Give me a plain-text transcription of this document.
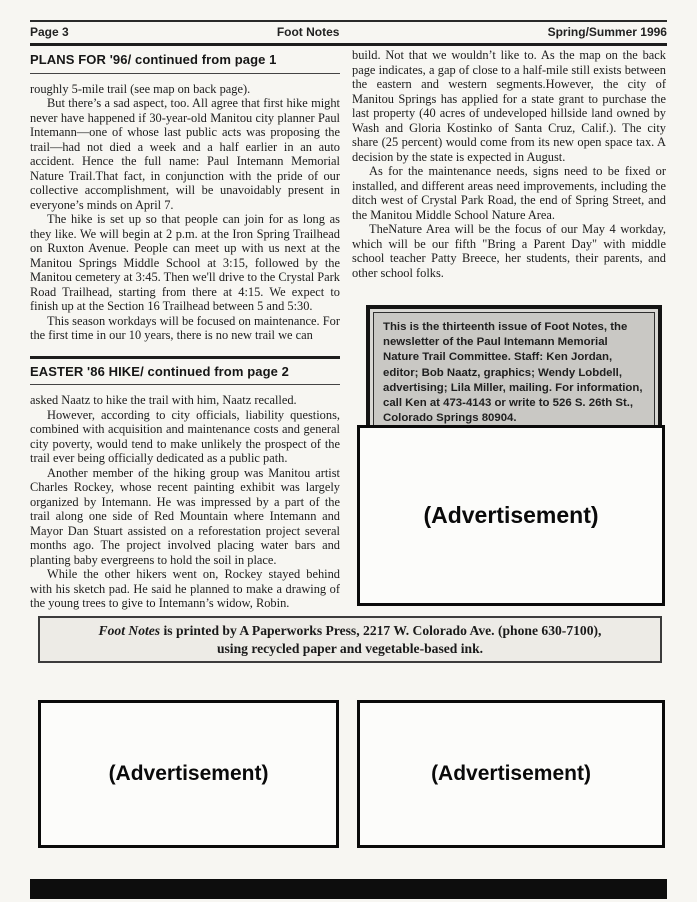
Page 3	Foot Notes	Spring/Summer 1996
PLANS FOR '96/ continued from page 1

roughly 5-mile trail (see map on back page).

But there’s a sad aspect, too. All agree that first hike might never have happened if 30-year-old Manitou city planner Paul Intemann—one of whose last public acts was proposing the trail—had not died a week and a half earlier in an auto accident. Hence the full name: Paul Intemann Memorial Nature Trail.That fact, in conjunction with the pride of our collective accomplishment, will be unavoidably present in everyone’s minds on April 7.

The hike is set up so that people can join for as long as they like. We will begin at 2 p.m. at the Iron Spring Trailhead on Ruxton Avenue. People can meet up with us next at the Manitou Springs Middle School at 3:15, followed by the Manitou cemetery at 3:45. Then we'll drive to the Crystal Park Road Trailhead, starting from there at 4:15. We expect to finish up at the Section 16 Trailhead between 5 and 5:30.

This season workdays will be focused on maintenance. For the first time in our 10 years, there is no new trail we can

EASTER '86 HIKE/ continued from page 2

asked Naatz to hike the trail with him, Naatz recalled.

However, according to city officials, liability questions, combined with acquisition and maintenance costs and general city poverty, would tend to make unlikely the prospect of the trail ever being officially dedicated as a public path.

Another member of the hiking group was Manitou artist Charles Rockey, whose recent painting exhibit was largely organized by Intemann. He was impressed by a part of the trail along one side of Red Mountain where Intemann and Mayor Dan Stuart assisted on a reforestation project several months ago. The project involved placing water bars and planting baby evergreens to hold the soil in place.

While the other hikers went on, Rockey stayed behind with his sketch pad. He said he planned to make a drawing of the young trees to give to Intemann’s widow, Robin.

build. Not that we wouldn’t like to. As the map on the back page indicates, a gap of close to a half-mile still exists between the eastern and western segments.However, the city of Manitou Springs has applied for a state grant to purchase the last property (40 acres of undeveloped hillside land owned by Wash and Gloria Kostinko of Santa Cruz, Calif.). The city share (25 percent) would come from its new open space tax. A decision by the state is expected in August.

As for the maintenance needs, signs need to be fixed or installed, and different areas need improvements, including the ditch west of Crystal Park Road, the end of Spring Street, and the Manitou Middle School Nature Area.

TheNature Area will be the focus of our May 4 workday, which will be our fifth "Bring a Parent Day" with middle school teacher Patty Breece, her students, their parents, and other school folks.

This is the thirteenth issue of Foot Notes, the newsletter of the Paul Intemann Memorial Nature Trail Committee. Staff: Ken Jordan, editor; Bob Naatz, graphics; Wendy Lobdell, advertising; Lila Miller, mailing. For information, call Ken at 473-4143 or write to 526 S. 26th St., Colorado Springs 80904.
(Advertisement)
Foot Notes is printed by A Paperworks Press, 2217 W. Colorado Ave. (phone 630-7100),
using recycled paper and vegetable-based ink.
(Advertisement)	(Advertisement)
